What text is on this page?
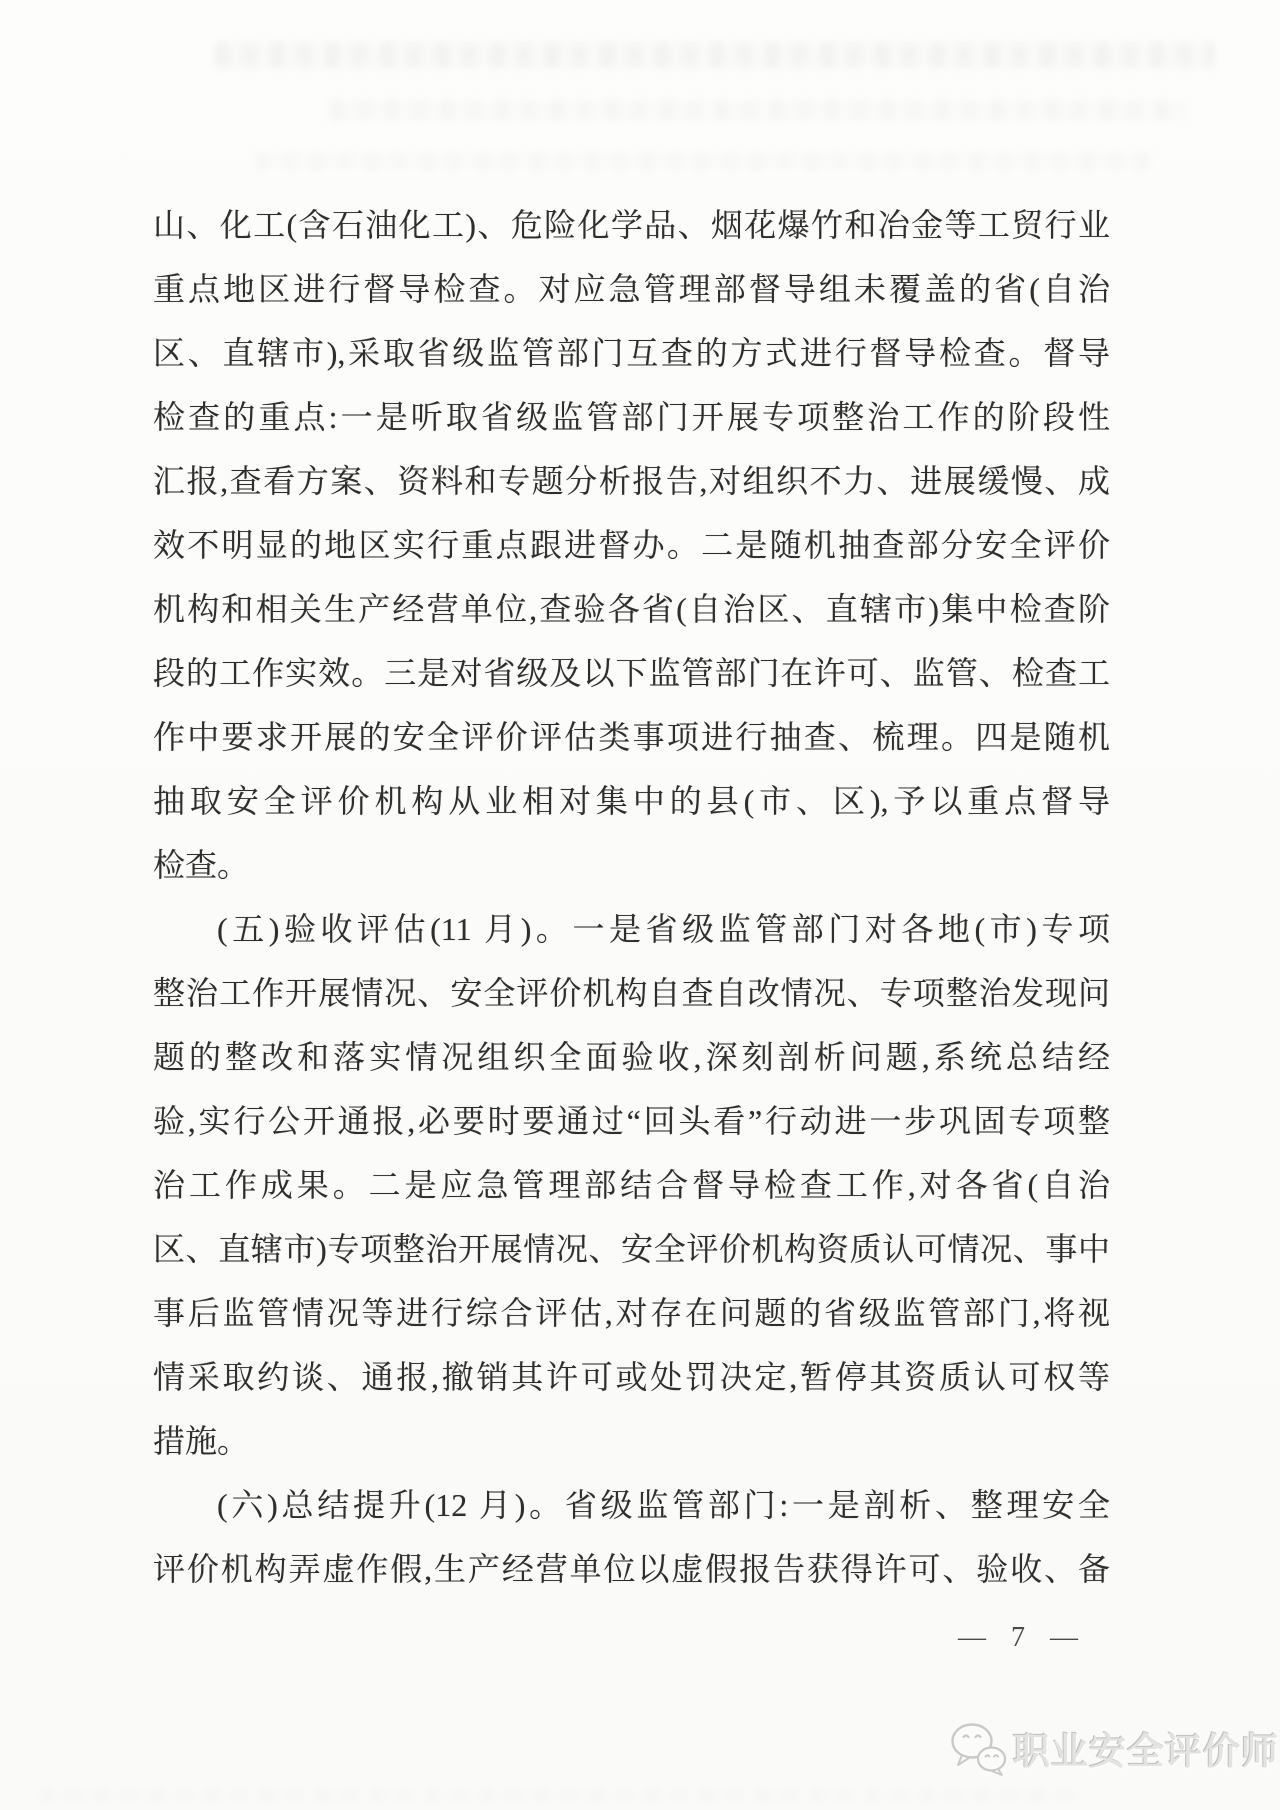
山、化工(含石油化工)、危险化学品、烟花爆竹和冶金等工贸行业
重点地区进行督导检查。对应急管理部督导组未覆盖的省(自治
区、直辖市),采取省级监管部门互查的方式进行督导检查。督导
检查的重点:一是听取省级监管部门开展专项整治工作的阶段性
汇报,查看方案、资料和专题分析报告,对组织不力、进展缓慢、成
效不明显的地区实行重点跟进督办。二是随机抽查部分安全评价
机构和相关生产经营单位,查验各省(自治区、直辖市)集中检查阶
段的工作实效。三是对省级及以下监管部门在许可、监管、检查工
作中要求开展的安全评价评估类事项进行抽查、梳理。四是随机
抽取安全评价机构从业相对集中的县(市、区),予以重点督导
检查。
(五)验收评估(11 月)。一是省级监管部门对各地(市)专项
整治工作开展情况、安全评价机构自查自改情况、专项整治发现问
题的整改和落实情况组织全面验收,深刻剖析问题,系统总结经
验,实行公开通报,必要时要通过“回头看”行动进一步巩固专项整
治工作成果。二是应急管理部结合督导检查工作,对各省(自治
区、直辖市)专项整治开展情况、安全评价机构资质认可情况、事中
事后监管情况等进行综合评估,对存在问题的省级监管部门,将视
情采取约谈、通报,撤销其许可或处罚决定,暂停其资质认可权等
措施。
(六)总结提升(12 月)。省级监管部门:一是剖析、整理安全
评价机构弄虚作假,生产经营单位以虚假报告获得许可、验收、备
— 7 —
职业安全评价师
